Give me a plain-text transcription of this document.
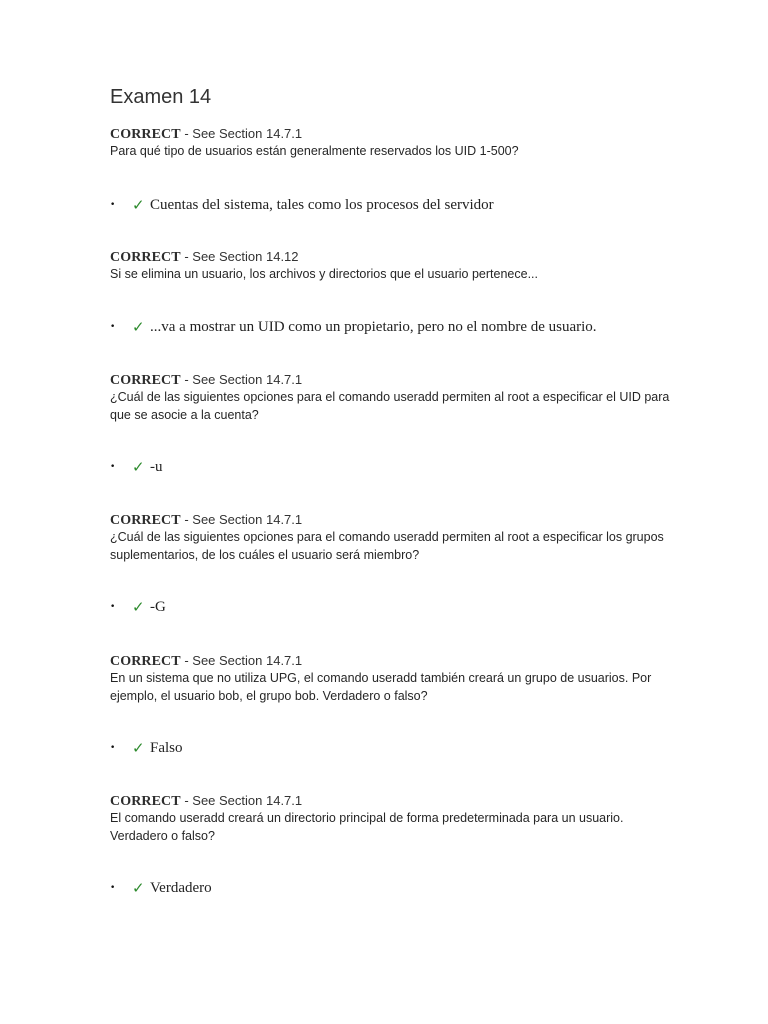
Examen 14
CORRECT - See Section 14.7.1

Para qué tipo de usuarios están generalmente reservados los UID 1-500?

• ✓ Cuentas del sistema, tales como los procesos del servidor
CORRECT - See Section 14.12

Si se elimina un usuario, los archivos y directorios que el usuario pertenece...

• ✓ ...va a mostrar un UID como un propietario, pero no el nombre de usuario.
CORRECT - See Section 14.7.1

¿Cuál de las siguientes opciones para el comando useradd permiten al root a especificar el UID para que se asocie a la cuenta?

• ✓ -u
CORRECT - See Section 14.7.1

¿Cuál de las siguientes opciones para el comando useradd permiten al root a especificar los grupos suplementarios, de los cuáles el usuario será miembro?

• ✓ -G
CORRECT - See Section 14.7.1

En un sistema que no utiliza UPG, el comando useradd también creará un grupo de usuarios. Por ejemplo, el usuario bob, el grupo bob. Verdadero o falso?

• ✓ Falso
CORRECT - See Section 14.7.1

El comando useradd creará un directorio principal de forma predeterminada para un usuario. Verdadero o falso?

• ✓ Verdadero
